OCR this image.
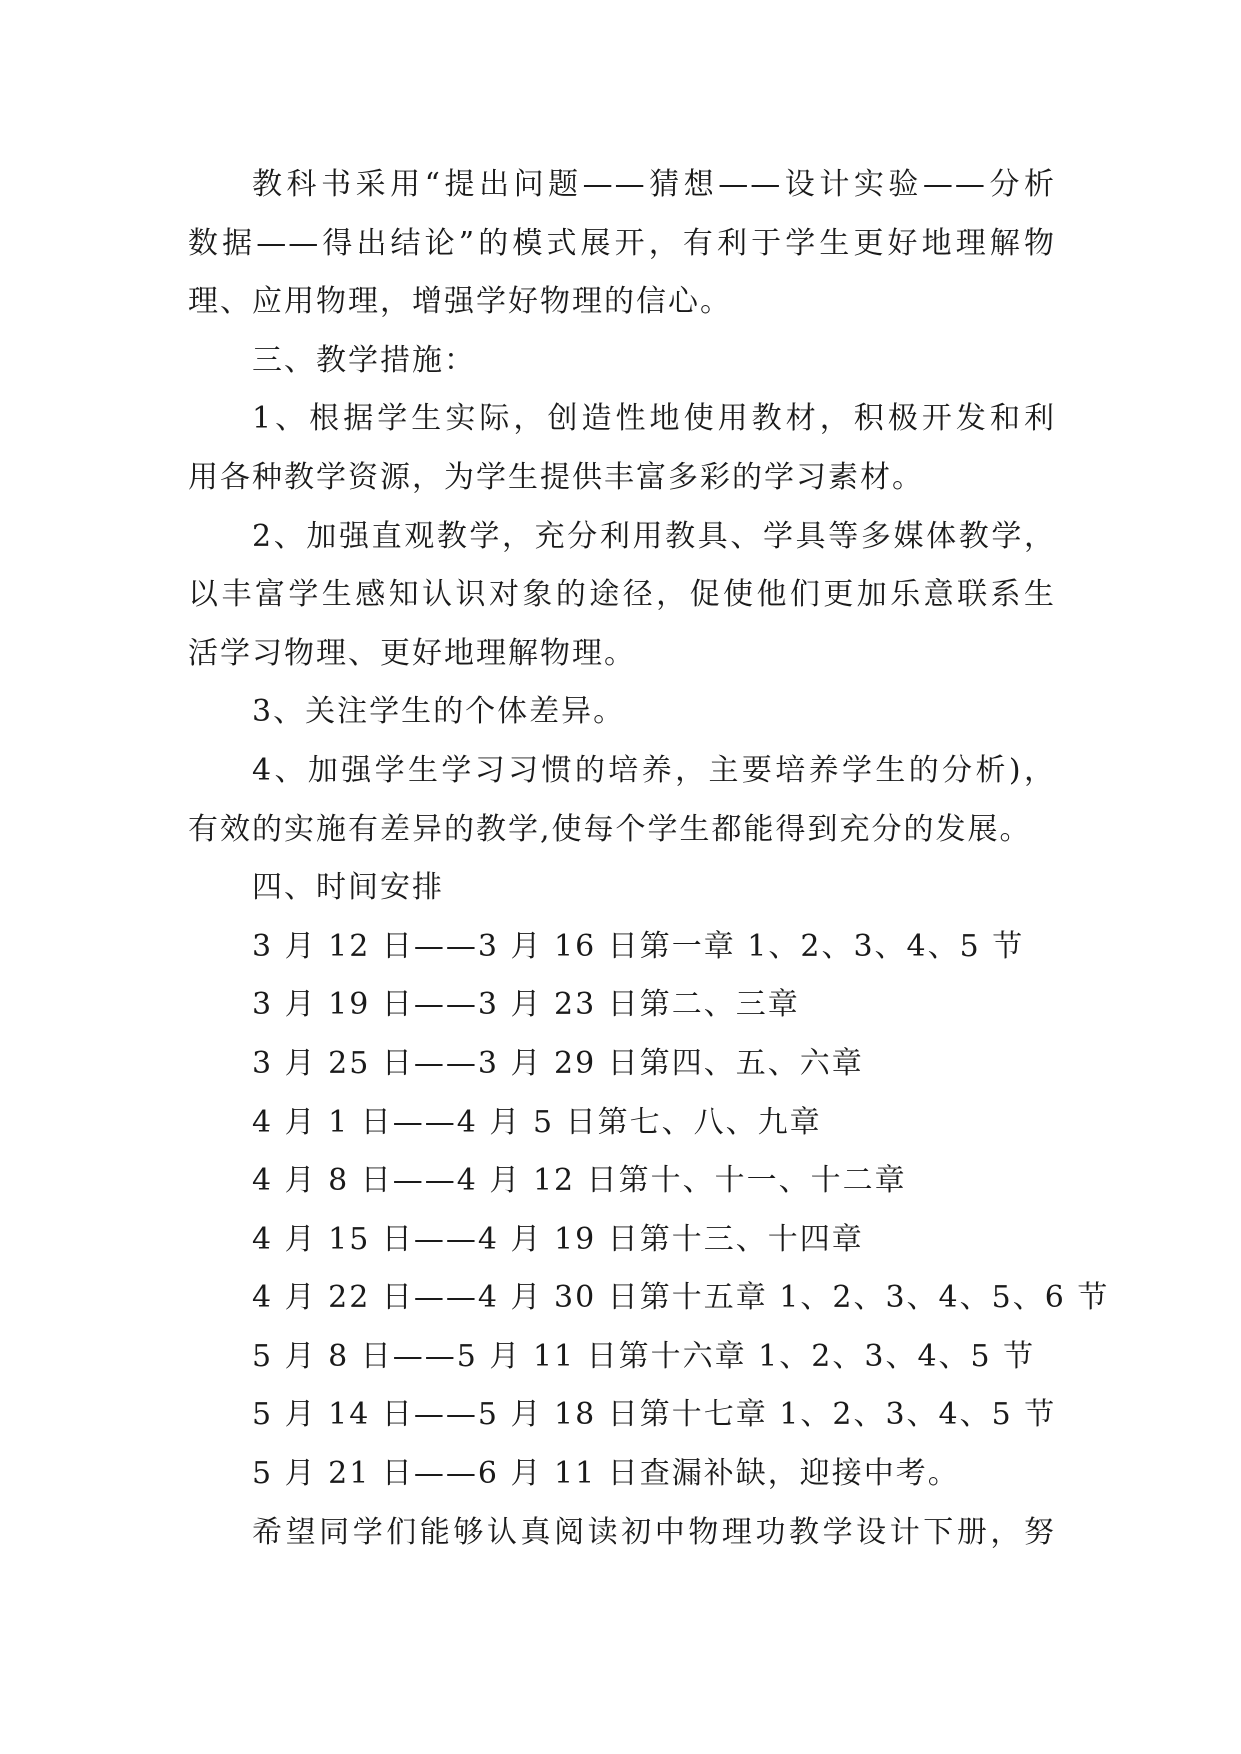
教科书采用“提出问题——猜想——设计实验——分析
数据——得出结论”的模式展开，有利于学生更好地理解物
理、应用物理，增强学好物理的信心。
三、教学措施：
1、根据学生实际，创造性地使用教材，积极开发和利
用各种教学资源，为学生提供丰富多彩的学习素材。
2、加强直观教学，充分利用教具、学具等多媒体教学，
以丰富学生感知认识对象的途径，促使他们更加乐意联系生
活学习物理、更好地理解物理。
3、关注学生的个体差异。
4、加强学生学习习惯的培养，主要培养学生的分析)，
有效的实施有差异的教学,使每个学生都能得到充分的发展。
四、时间安排
3 月 12 日——3 月 16 日第一章 1、2、3、4、5 节
3 月 19 日——3 月 23 日第二、三章
3 月 25 日——3 月 29 日第四、五、六章
4 月 1 日——4 月 5 日第七、八、九章
4 月 8 日——4 月 12 日第十、十一、十二章
4 月 15 日——4 月 19 日第十三、十四章
4 月 22 日——4 月 30 日第十五章 1、2、3、4、5、6 节
5 月 8 日——5 月 11 日第十六章 1、2、3、4、5 节
5 月 14 日——5 月 18 日第十七章 1、2、3、4、5 节
5 月 21 日——6 月 11 日查漏补缺，迎接中考。
希望同学们能够认真阅读初中物理功教学设计下册，努
